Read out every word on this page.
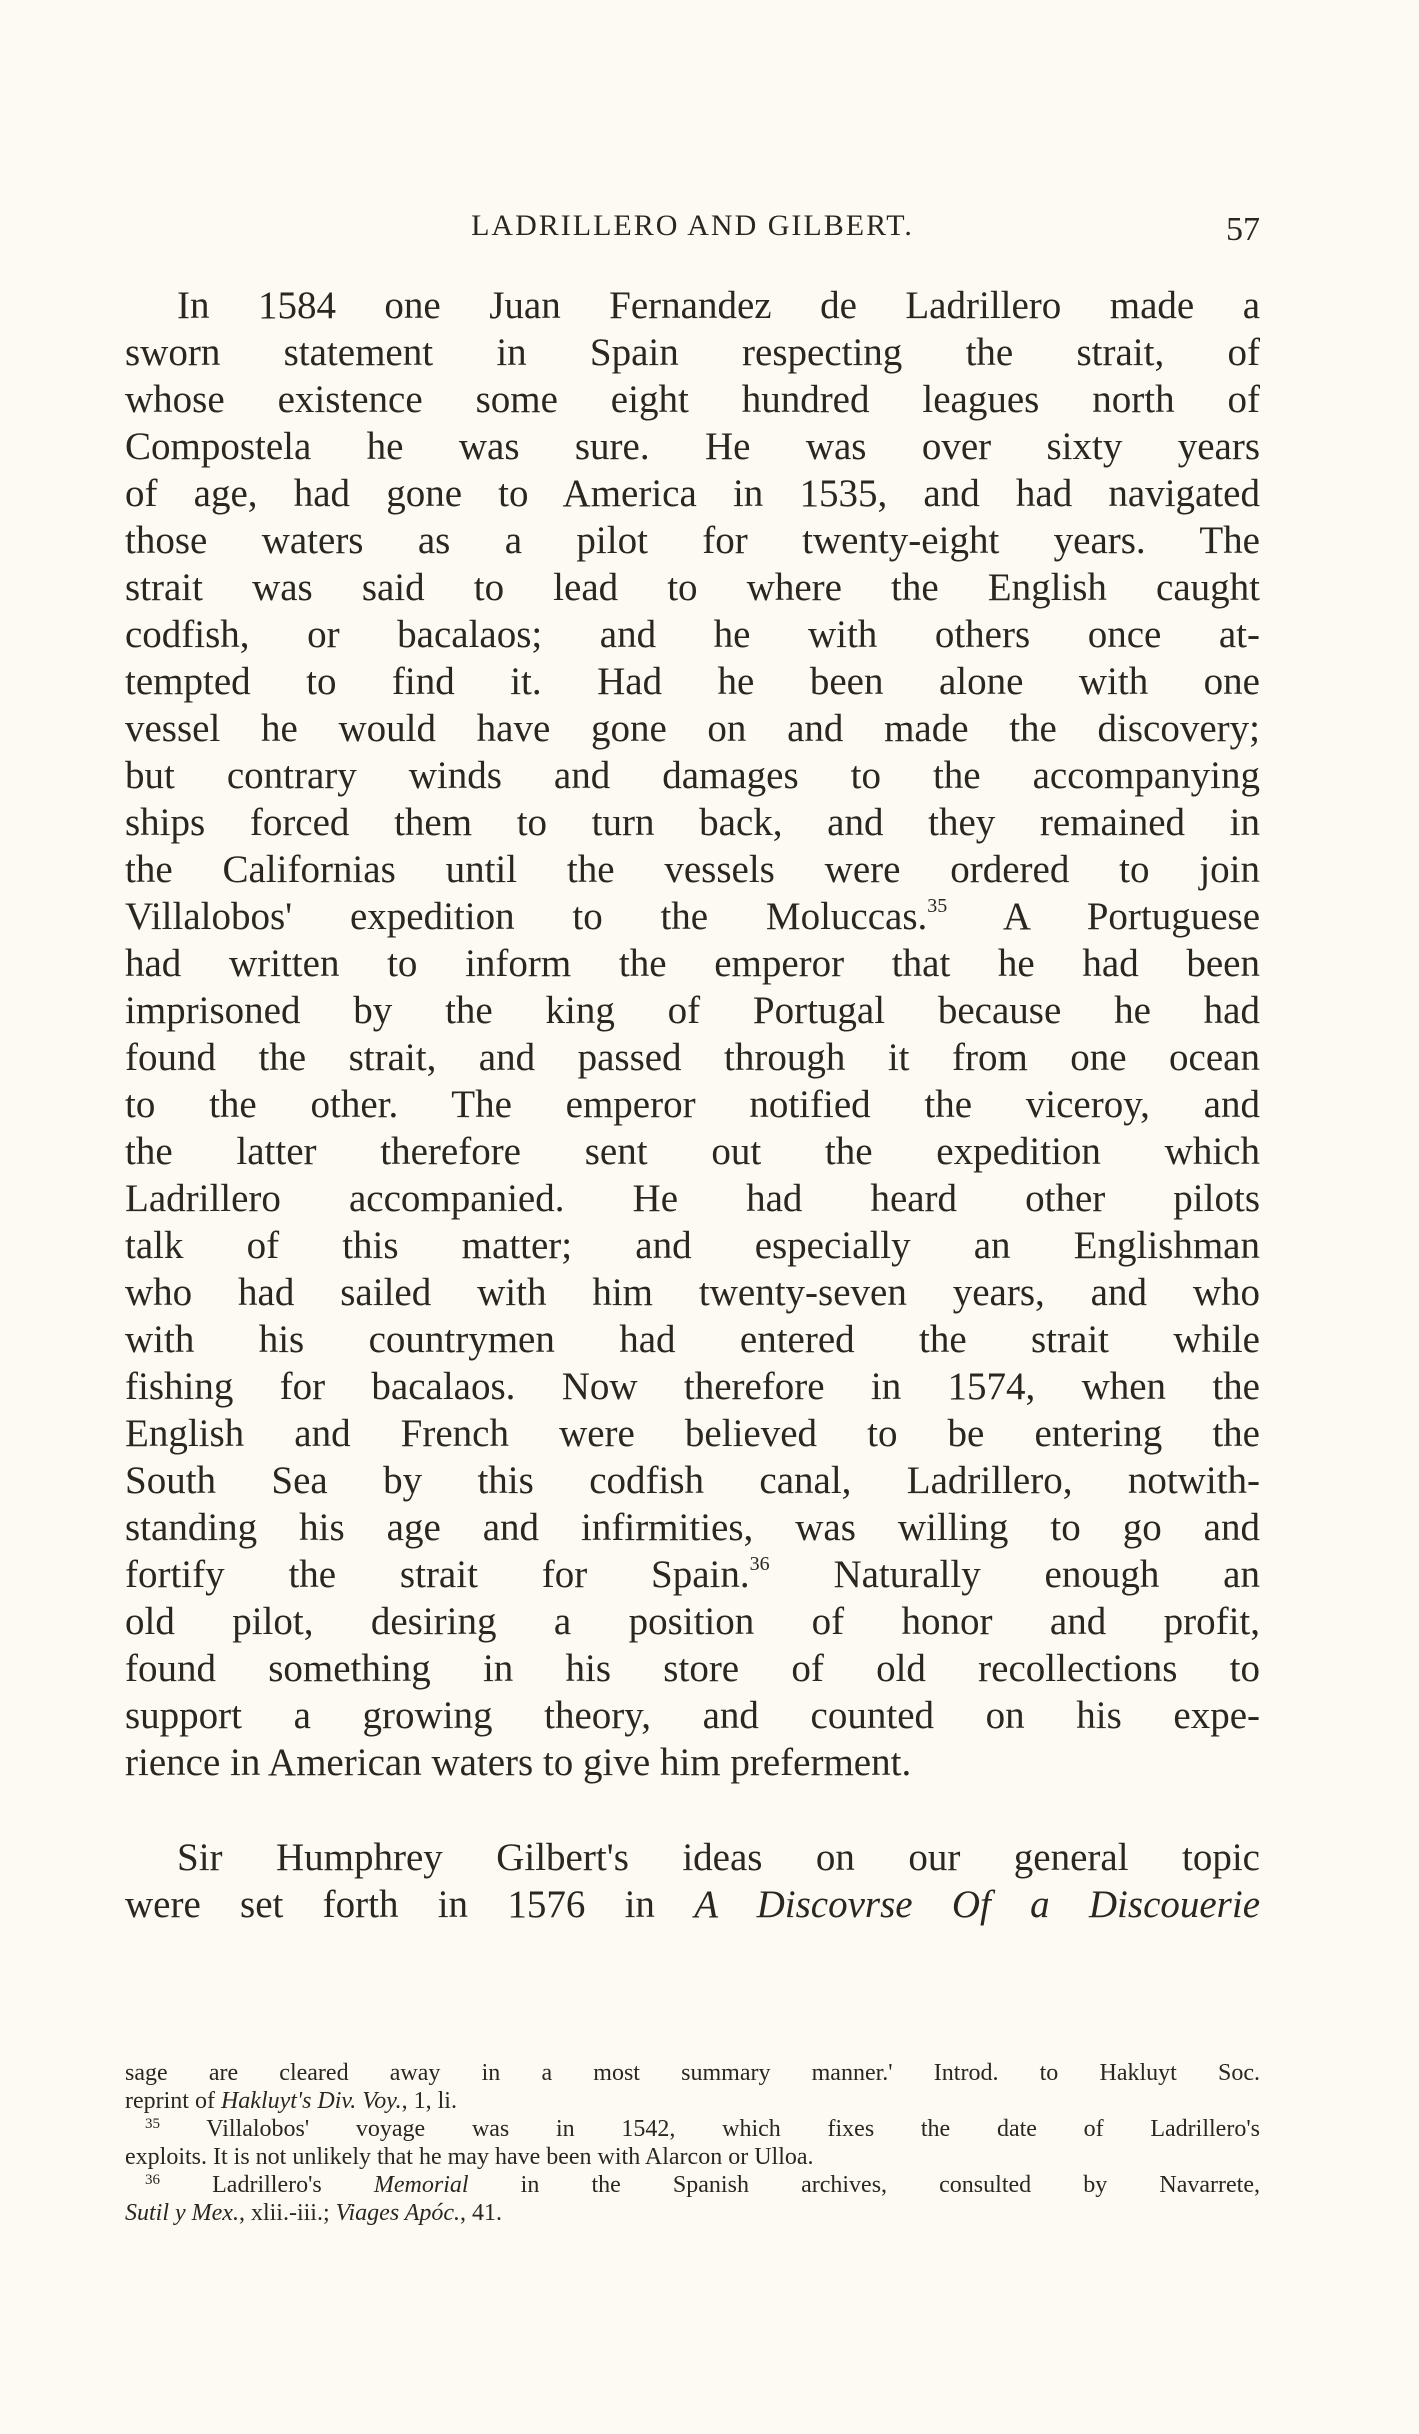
LADRILLERO AND GILBERT.	57
In 1584 one Juan Fernandez de Ladrillero made a
sworn statement in Spain respecting the strait, of
whose existence some eight hundred leagues north of
Compostela he was sure. He was over sixty years
of age, had gone to America in 1535, and had navigated
those waters as a pilot for twenty-eight years. The
strait was said to lead to where the English caught
codfish, or bacalaos; and he with others once at-
tempted to find it. Had he been alone with one
vessel he would have gone on and made the discovery;
but contrary winds and damages to the accompanying
ships forced them to turn back, and they remained in
the Californias until the vessels were ordered to join
Villalobos' expedition to the Moluccas.$^{35}$ A Portuguese
had written to inform the emperor that he had been
imprisoned by the king of Portugal because he had
found the strait, and passed through it from one ocean
to the other. The emperor notified the viceroy, and
the latter therefore sent out the expedition which
Ladrillero accompanied. He had heard other pilots
talk of this matter; and especially an Englishman
who had sailed with him twenty-seven years, and who
with his countrymen had entered the strait while
fishing for bacalaos. Now therefore in 1574, when the
English and French were believed to be entering the
South Sea by this codfish canal, Ladrillero, notwith-
standing his age and infirmities, was willing to go and
fortify the strait for Spain.$^{36}$ Naturally enough an
old pilot, desiring a position of honor and profit,
found something in his store of old recollections to
support a growing theory, and counted on his expe-
rience in American waters to give him preferment.
Sir Humphrey Gilbert's ideas on our general topic
were set forth in 1576 in A Discovrse Of a Discouerie
sage are cleared away in a most summary manner.' Introd. to Hakluyt Soc.
reprint of Hakluyt's Div. Voy., 1, li.
$^{35}$ Villalobos' voyage was in 1542, which fixes the date of Ladrillero's
exploits. It is not unlikely that he may have been with Alarcon or Ulloa.
$^{36}$ Ladrillero's Memorial in the Spanish archives, consulted by Navarrete,
Sutil y Mex., xlii.-iii.; Viages Apóc., 41.
